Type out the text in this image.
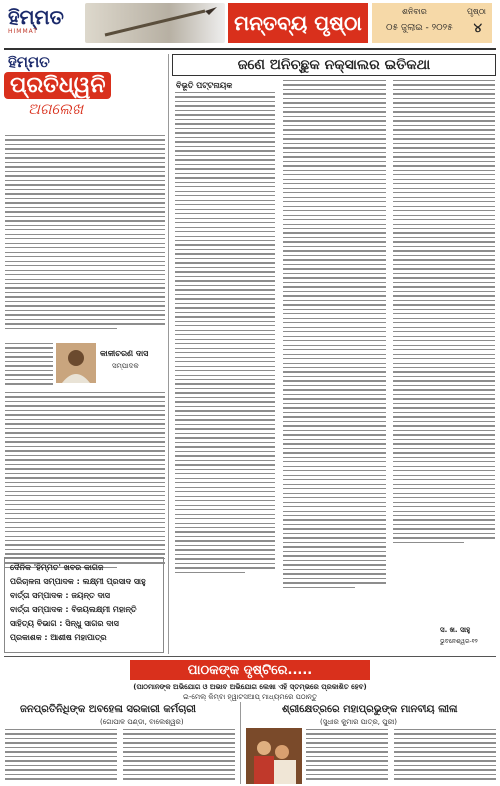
ହିମ୍ମତ
HIMMAT	ମନ୍ତବ୍ୟ ପୃଷ୍ଠା	ଶନିବାର
୦୫ ଜୁଲାଇ - ୨୦୨୫
ପୃଷ୍ଠା
୪
ହିମ୍ମତ
ପ୍ରତିଧ୍ୱନି
ଅଗଲେଖ
କାଳୀଚରଣ ଦାସ
ସମ୍ପାଦକ
ଦୈନିକ 'ହିମ୍ମତ' ଖବର କାଗଜ
ପରିଚାଳନା ସମ୍ପାଦକ : ଲକ୍ଷ୍ମୀ ପ୍ରସାଦ ସାହୁ
ବାର୍ତ୍ତା ସମ୍ପାଦକ : ଜୟନ୍ତ ଦାସ
ବାର୍ତ୍ତା ସମ୍ପାଦକ : ବିଜୟଲକ୍ଷ୍ମୀ ମହାନ୍ତି
ସାହିତ୍ୟ ବିଭାଗ : ସିନ୍ଧୁ ସାଗର ଦାସ
ପ୍ରକାଶକ : ଆଶୀଷ ମହାପାତ୍ର
ଜଣେ ଅନିଚ୍ଛୁକ ନକ୍ସାଲର ଇତିକଥା
ବିଭୂତି ପଟ୍ଟନାୟକ
ସ. ଖ. ସାହୁ
ଭୁବନେଶ୍ୱର-୧୨
ପାଠକଙ୍କ ଦୃଷ୍ଟିରେ.....
(ପାଠମାନଙ୍କ ଅଭିଯୋଗ ଓ ଅଭାବ ଅଭିଯୋଗ ଲେଖା ଏହି ସ୍ତମ୍ଭରେ ପ୍ରକାଶିତ ହେବ)
ଇ-ମେଲ୍ କିମ୍ବା ହ୍ୱାଟସଆପ୍ ମାଧ୍ୟମରେ ପଠାନ୍ତୁ
ଜନପ୍ରତିନିଧିଙ୍କ ଅବହେଳା ସରକାରୀ କର୍ମଚାରୀ
(ଗୋପାଳ ପଣ୍ଡା, ବାଲେଶ୍ୱର)
ଶ୍ରୀକ୍ଷେତ୍ରରେ ମହାପ୍ରଭୁଙ୍କ ମାନବୀୟ ଲୀଳା
(ସୁଧୀର କୁମାର ପାତ୍ର, ପୁରୀ)
